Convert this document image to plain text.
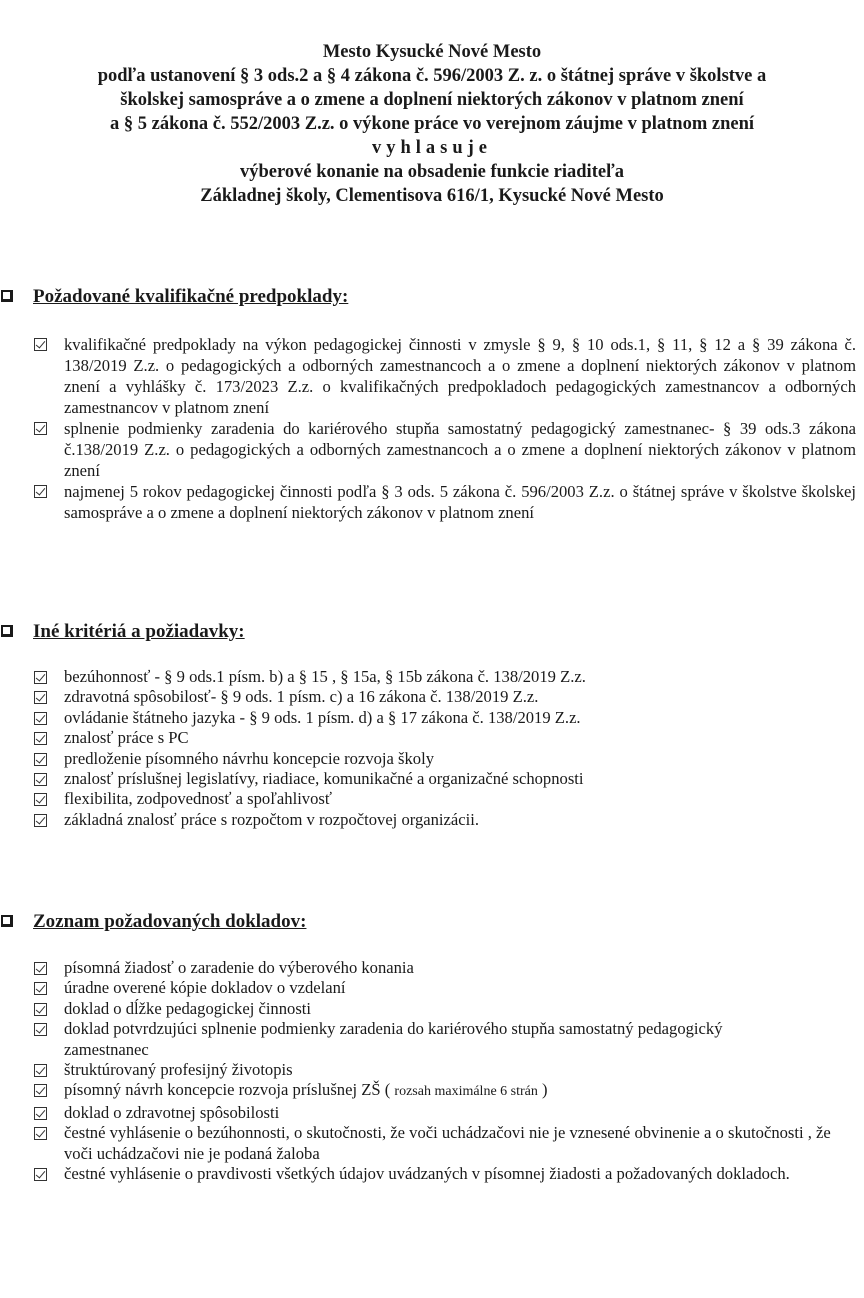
Mesto Kysucké Nové Mesto
podľa ustanovení § 3 ods.2 a § 4 zákona č. 596/2003 Z. z. o štátnej správe v školstve a
školskej samospráve a o zmene a doplnení niektorých zákonov v platnom znení
a § 5 zákona č. 552/2003 Z.z. o výkone práce vo verejnom záujme v platnom znení
vyhlasuje
výberové konanie na obsadenie funkcie riaditeľa
Základnej školy, Clementisova 616/1, Kysucké Nové Mesto
Požadované kvalifikačné predpoklady:
kvalifikačné predpoklady na výkon pedagogickej činnosti v zmysle § 9, § 10 ods.1, § 11, § 12 a § 39 zákona č. 138/2019 Z.z. o pedagogických a odborných zamestnancoch a o zmene a doplnení niektorých zákonov v platnom znení a vyhlášky č. 173/2023 Z.z. o kvalifikačných predpokladoch pedagogických zamestnancov a odborných zamestnancov v platnom znení
splnenie podmienky zaradenia do kariérového stupňa samostatný pedagogický zamestnanec- § 39 ods.3 zákona č.138/2019 Z.z. o pedagogických a odborných zamestnancoch a o zmene a doplnení niektorých zákonov v platnom znení
najmenej 5 rokov pedagogickej činnosti podľa § 3 ods. 5 zákona č. 596/2003 Z.z. o štátnej správe v školstve školskej samospráve a o zmene a doplnení niektorých zákonov v platnom znení
Iné kritériá a požiadavky:
bezúhonnosť - § 9 ods.1 písm. b) a § 15 , § 15a, § 15b zákona č. 138/2019 Z.z.
zdravotná spôsobilosť- § 9 ods. 1 písm. c) a 16 zákona č. 138/2019 Z.z.
ovládanie štátneho jazyka - § 9 ods. 1 písm. d) a § 17 zákona č. 138/2019 Z.z.
znalosť práce s PC
predloženie písomného návrhu koncepcie rozvoja školy
znalosť príslušnej legislatívy, riadiace, komunikačné a organizačné schopnosti
flexibilita, zodpovednosť a spoľahlivosť
základná znalosť práce s rozpočtom v rozpočtovej organizácii.
Zoznam požadovaných dokladov:
písomná žiadosť o zaradenie do výberového konania
úradne overené kópie dokladov o vzdelaní
doklad o dĺžke pedagogickej činnosti
doklad potvrdzujúci splnenie podmienky zaradenia do kariérového stupňa samostatný pedagogický zamestnanec
štruktúrovaný profesijný životopis
písomný návrh koncepcie rozvoja príslušnej ZŠ ( rozsah maximálne 6 strán )
doklad o zdravotnej spôsobilosti
čestné vyhlásenie o bezúhonnosti, o skutočnosti, že voči uchádzačovi nie je vznesené obvinenie a o skutočnosti , že voči uchádzačovi nie je podaná žaloba
čestné vyhlásenie o pravdivosti všetkých údajov uvádzaných v písomnej žiadosti a požadovaných dokladoch.
